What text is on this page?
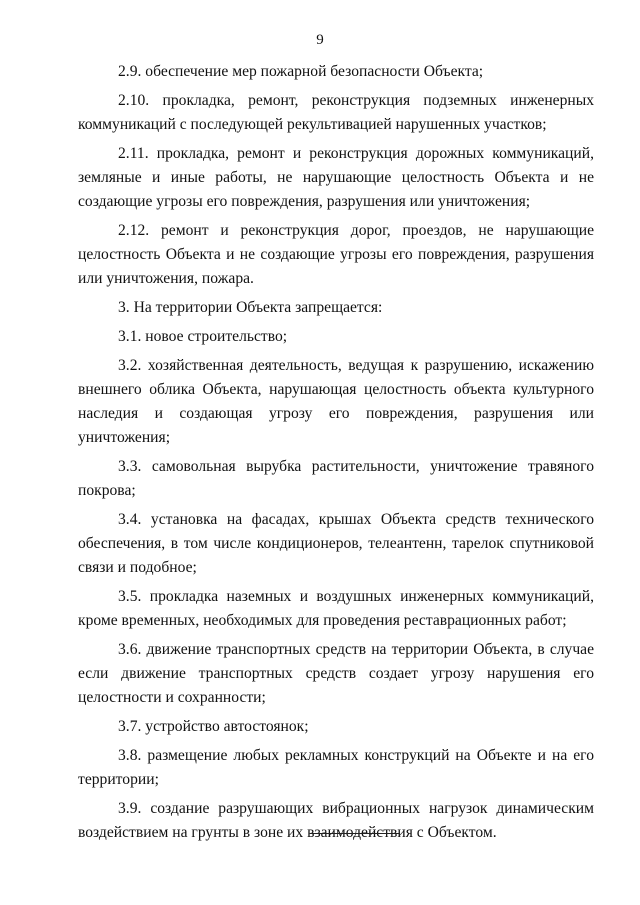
9

2.9. обеспечение мер пожарной безопасности Объекта;

2.10. прокладка, ремонт, реконструкция подземных инженерных коммуникаций с последующей рекультивацией нарушенных участков;

2.11. прокладка, ремонт и реконструкция дорожных коммуникаций, земляные и иные работы, не нарушающие целостность Объекта и не создающие угрозы его повреждения, разрушения или уничтожения;

2.12. ремонт и реконструкция дорог, проездов, не нарушающие целостность Объекта и не создающие угрозы его повреждения, разрушения или уничтожения, пожара.

3. На территории Объекта запрещается:

3.1. новое строительство;

3.2. хозяйственная деятельность, ведущая к разрушению, искажению внешнего облика Объекта, нарушающая целостность объекта культурного наследия и создающая угрозу его повреждения, разрушения или уничтожения;

3.3. самовольная вырубка растительности, уничтожение травяного покрова;

3.4. установка на фасадах, крышах Объекта средств технического обеспечения, в том числе кондиционеров, телеантенн, тарелок спутниковой связи и подобное;

3.5. прокладка наземных и воздушных инженерных коммуникаций, кроме временных, необходимых для проведения реставрационных работ;

3.6. движение транспортных средств на территории Объекта, в случае если движение транспортных средств создает угрозу нарушения его целостности и сохранности;

3.7. устройство автостоянок;

3.8. размещение любых рекламных конструкций на Объекте и на его территории;

3.9. создание разрушающих вибрационных нагрузок динамическим воздействием на грунты в зоне их взаимодействия с Объектом.
